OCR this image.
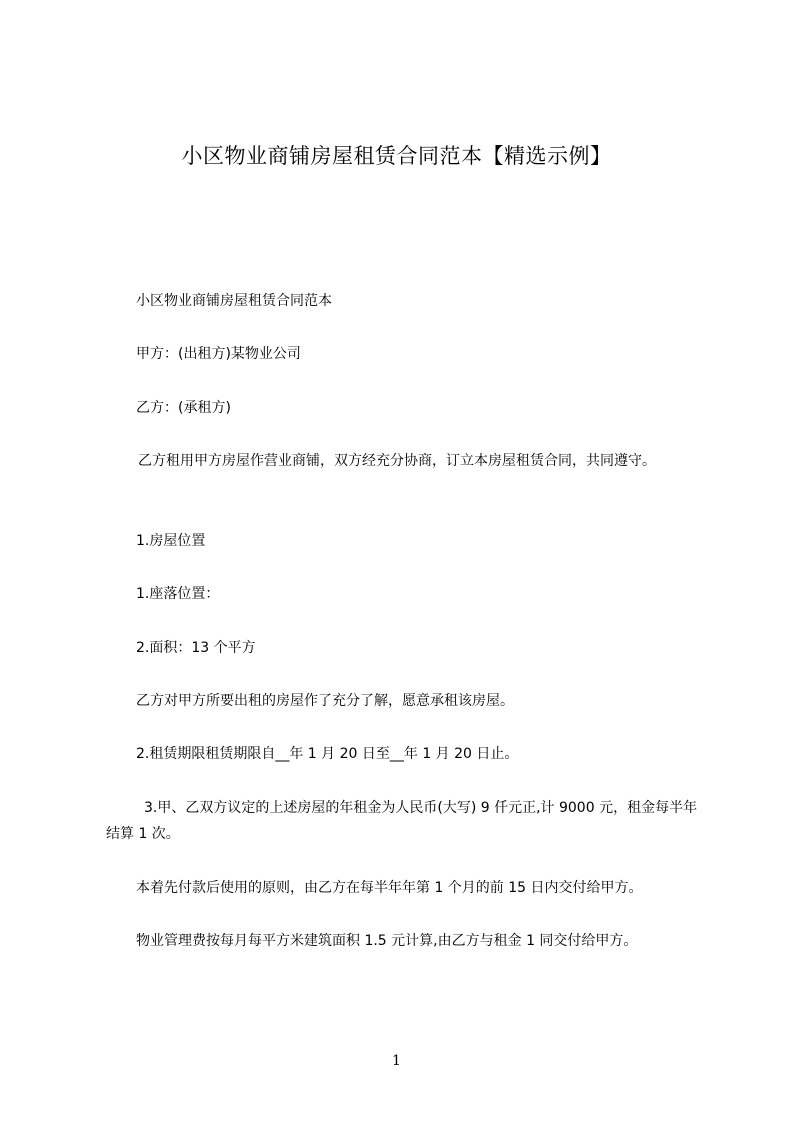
小区物业商铺房屋租赁合同范本【精选示例】
小区物业商铺房屋租赁合同范本
甲方：(出租方)某物业公司
乙方：(承租方)
乙方租用甲方房屋作营业商铺，双方经充分协商，订立本房屋租赁合同，共同遵守。
1.房屋位置
1.座落位置：
2.面积：13 个平方
乙方对甲方所要出租的房屋作了充分了解，愿意承租该房屋。
2.租赁期限租赁期限自__年 1 月 20 日至__年 1 月 20 日止。
3.甲、乙双方议定的上述房屋的年租金为人民币(大写) 9 仟元正,计 9000 元，租金每半年结算 1 次。
本着先付款后使用的原则，由乙方在每半年年第 1 个月的前 15 日内交付给甲方。
物业管理费按每月每平方米建筑面积 1.5 元计算,由乙方与租金 1 同交付给甲方。
1
